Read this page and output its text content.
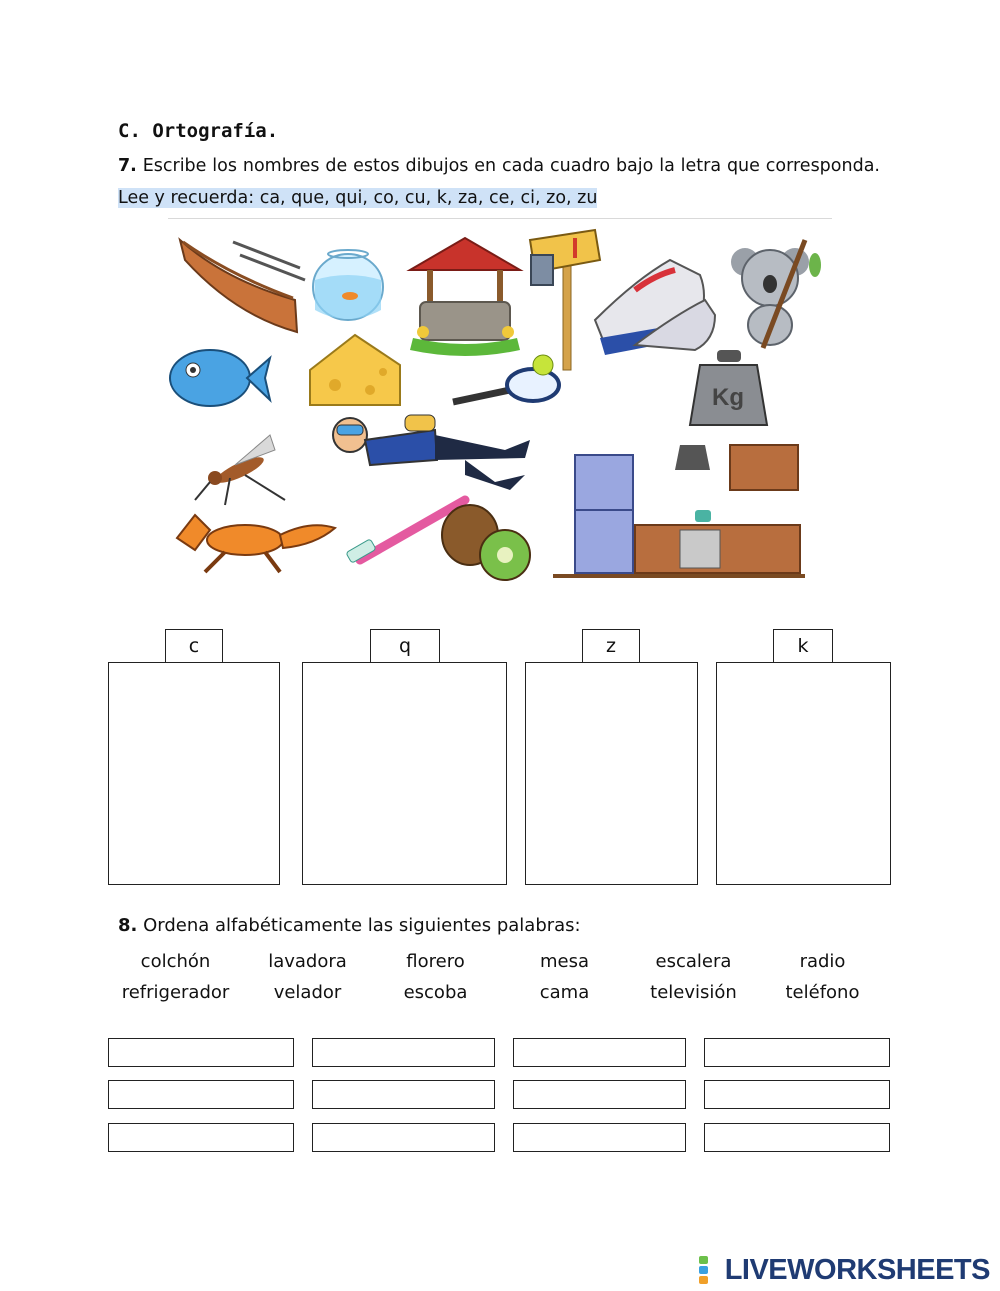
C. Ortografía.
7. Escribe los nombres de estos dibujos en cada cuadro bajo la letra que corresponda. Lee y recuerda: ca, que, qui, co, cu, k, za, ce, ci, zo, zu
Kg
c	q	z	k
8. Ordena alfabéticamente las siguientes palabras:
colchón	lavadora	florero	mesa	escalera	radio
refrigerador	velador	escoba	cama	televisión	teléfono
LIVEWORKSHEETS
